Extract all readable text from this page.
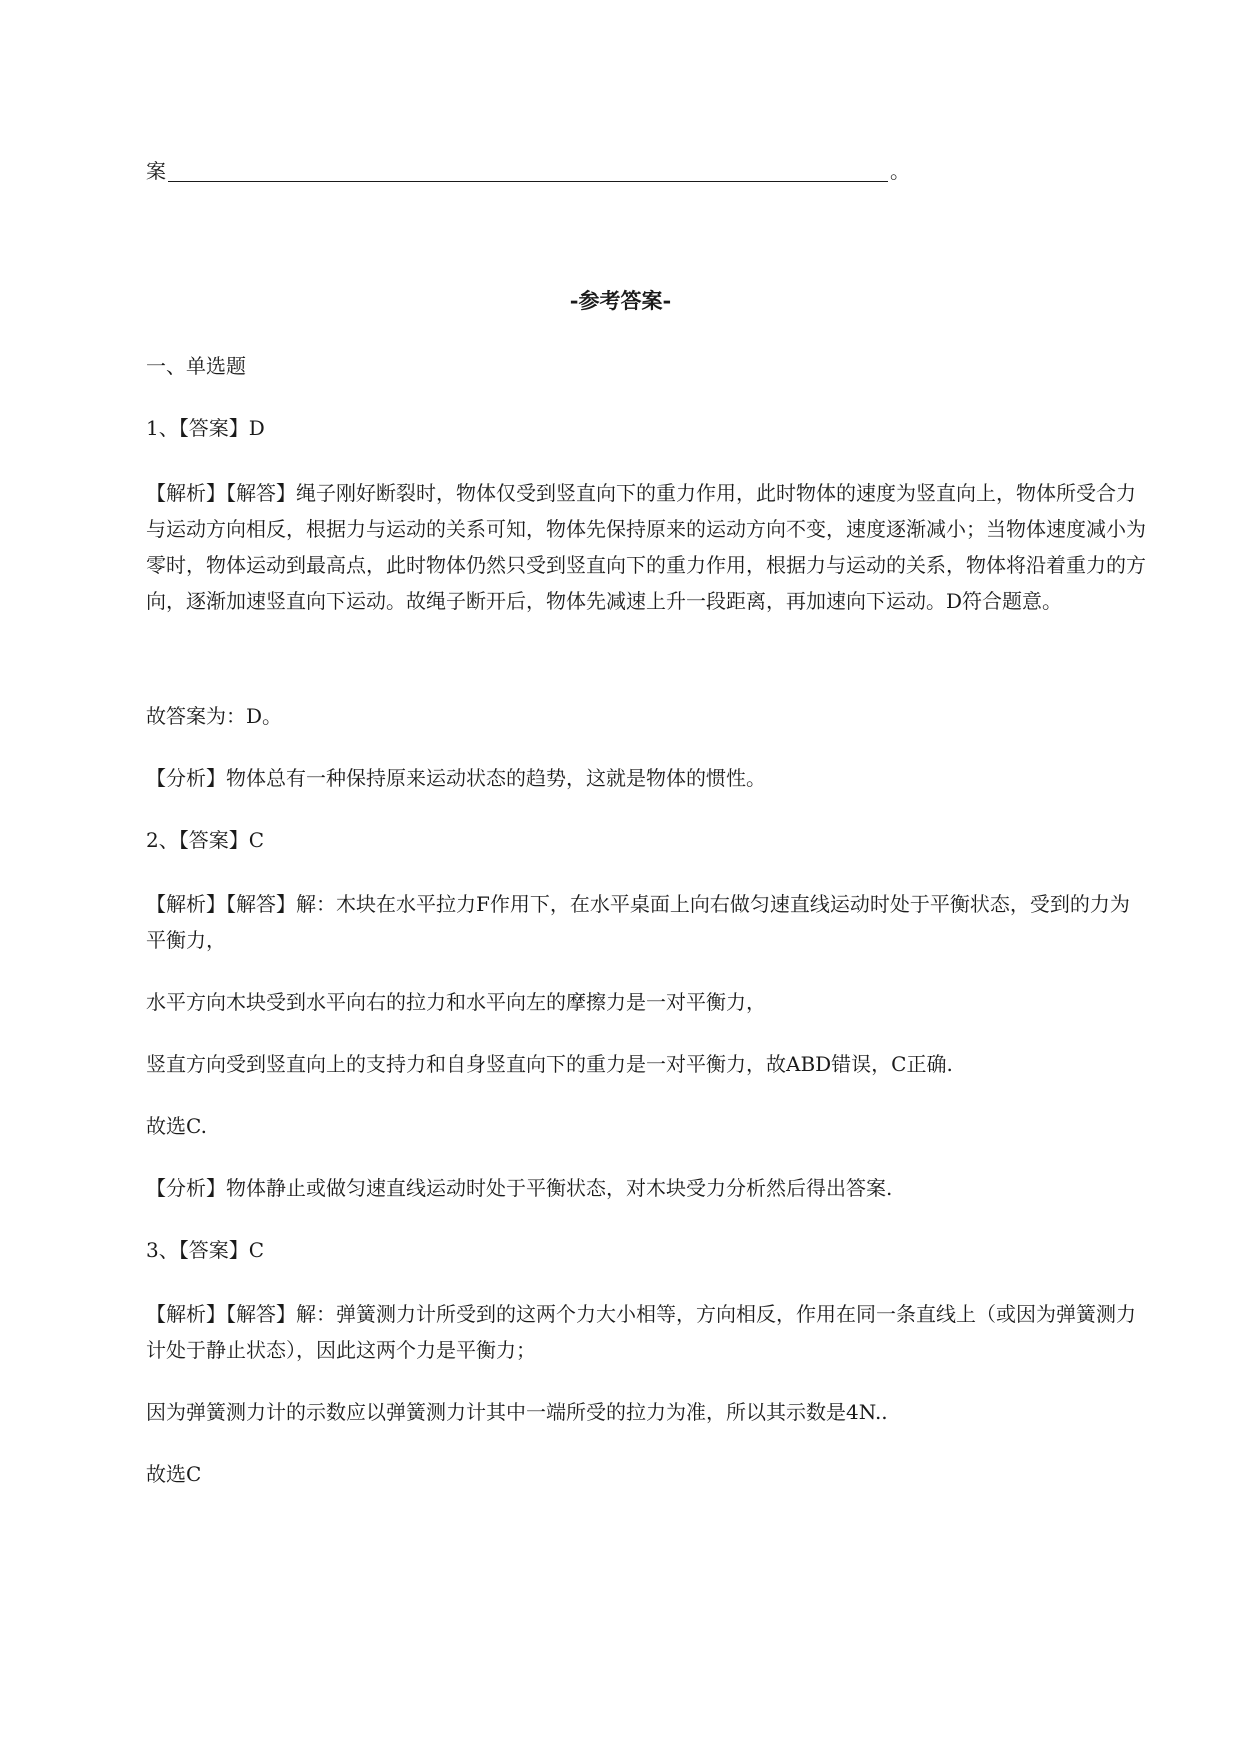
案	。
-参考答案-
一、单选题
1、【答案】D
【解析】【解答】绳子刚好断裂时，物体仅受到竖直向下的重力作用，此时物体的速度为竖直向上，物体所受合力与运动方向相反，根据力与运动的关系可知，物体先保持原来的运动方向不变，速度逐渐减小；当物体速度减小为零时，物体运动到最高点，此时物体仍然只受到竖直向下的重力作用，根据力与运动的关系，物体将沿着重力的方向，逐渐加速竖直向下运动。故绳子断开后，物体先减速上升一段距离，再加速向下运动。D符合题意。
故答案为：D。
【分析】物体总有一种保持原来运动状态的趋势，这就是物体的惯性。
2、【答案】C
【解析】【解答】解：木块在水平拉力F作用下，在水平桌面上向右做匀速直线运动时处于平衡状态，受到的力为平衡力，
水平方向木块受到水平向右的拉力和水平向左的摩擦力是一对平衡力，
竖直方向受到竖直向上的支持力和自身竖直向下的重力是一对平衡力，故ABD错误，C正确.
故选C.
【分析】物体静止或做匀速直线运动时处于平衡状态，对木块受力分析然后得出答案.
3、【答案】C
【解析】【解答】解：弹簧测力计所受到的这两个力大小相等，方向相反，作用在同一条直线上（或因为弹簧测力计处于静止状态），因此这两个力是平衡力；
因为弹簧测力计的示数应以弹簧测力计其中一端所受的拉力为准，所以其示数是4N..
故选C
